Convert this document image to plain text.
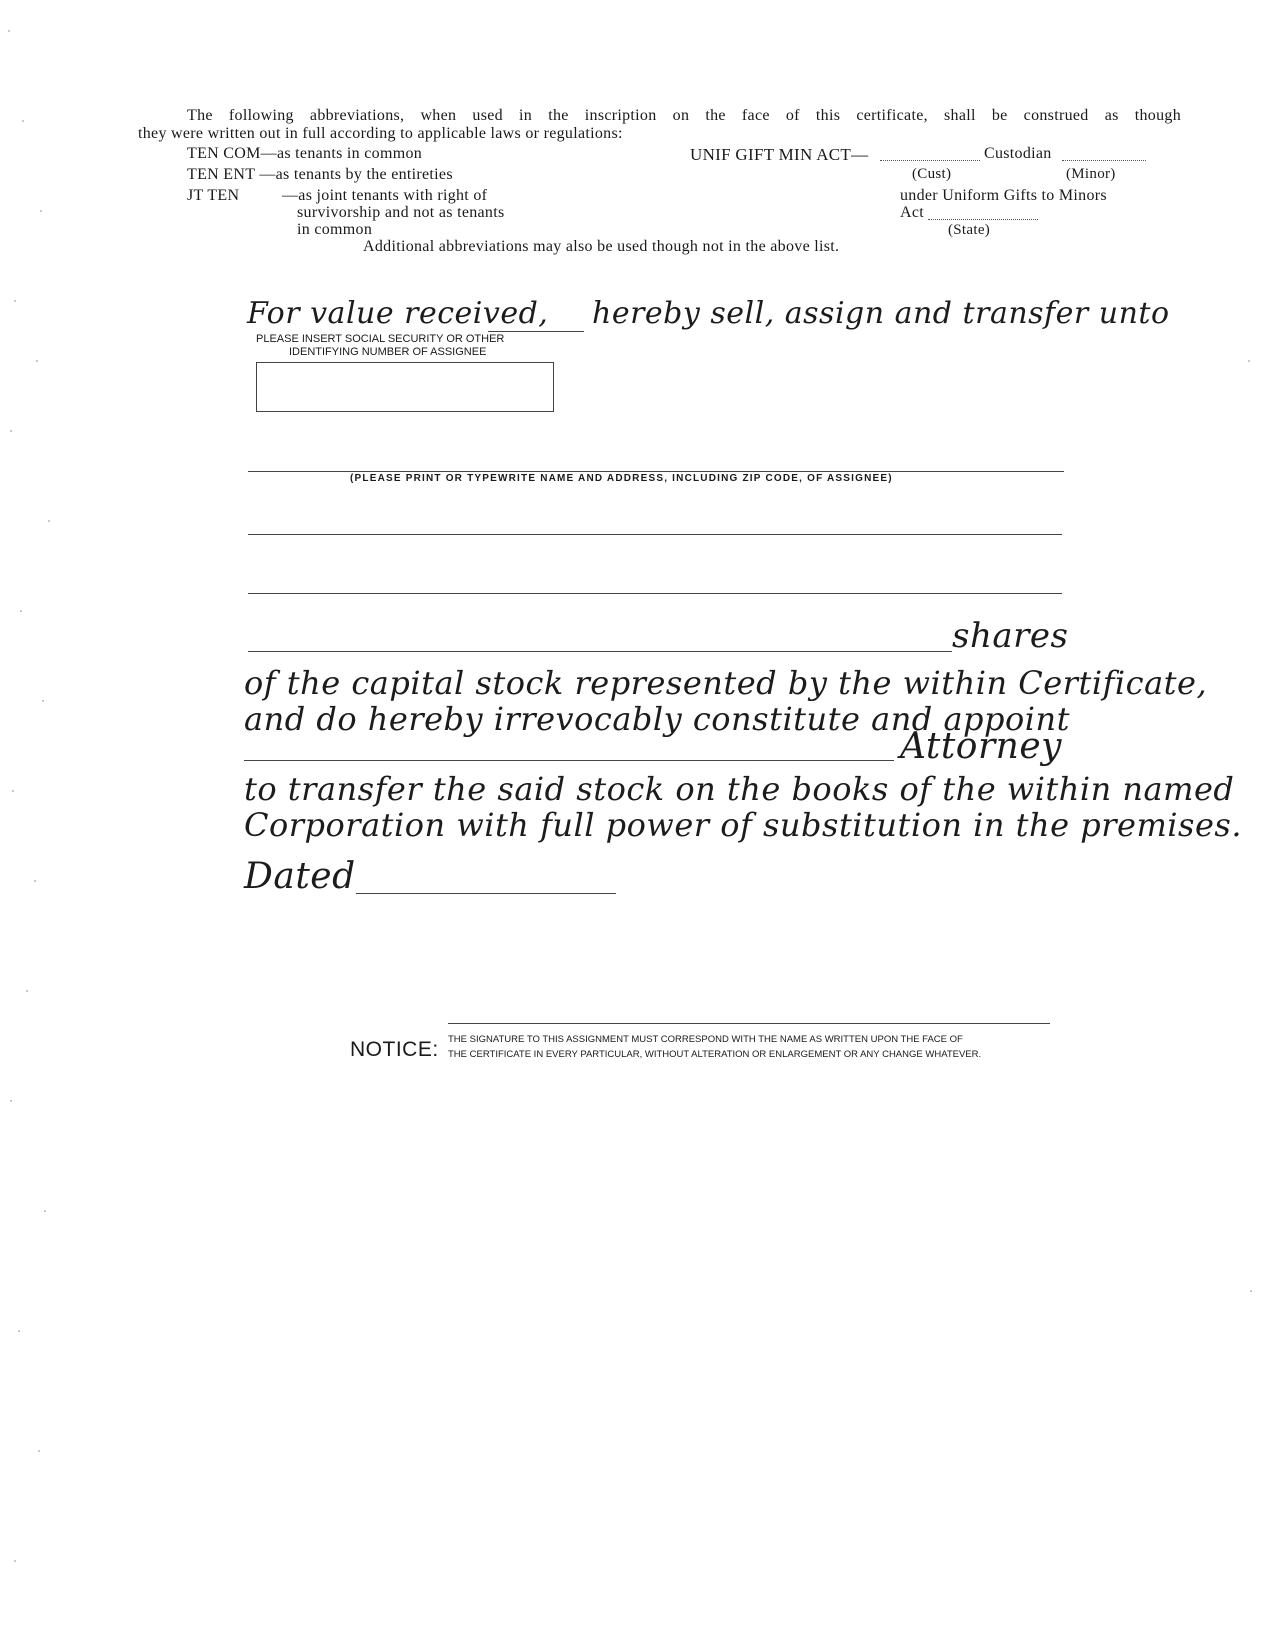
The following abbreviations, when used in the inscription on the face of this certificate, shall be construed as though
they were written out in full according to applicable laws or regulations:
TEN COM—as tenants in common
TEN ENT —as tenants by the entireties
JT TEN	—as joint tenants with right of
survivorship and not as tenants
in common
Additional abbreviations may also be used though not in the above list.
UNIF GIFT MIN ACT—	Custodian
(Cust)	(Minor)
under Uniform Gifts to Minors
Act
(State)
For value received, hereby sell, assign and transfer unto
PLEASE INSERT SOCIAL SECURITY OR OTHER
IDENTIFYING NUMBER OF ASSIGNEE
(PLEASE PRINT OR TYPEWRITE NAME AND ADDRESS, INCLUDING ZIP CODE, OF ASSIGNEE)
shares
of the capital stock represented by the within Certificate,
and do hereby irrevocably constitute and appoint
Attorney
to transfer the said stock on the books of the within named
Corporation with full power of substitution in the premises.
Dated
NOTICE: THE SIGNATURE TO THIS ASSIGNMENT MUST CORRESPOND WITH THE NAME AS WRITTEN UPON THE FACE OF
THE CERTIFICATE IN EVERY PARTICULAR, WITHOUT ALTERATION OR ENLARGEMENT OR ANY CHANGE WHATEVER.
